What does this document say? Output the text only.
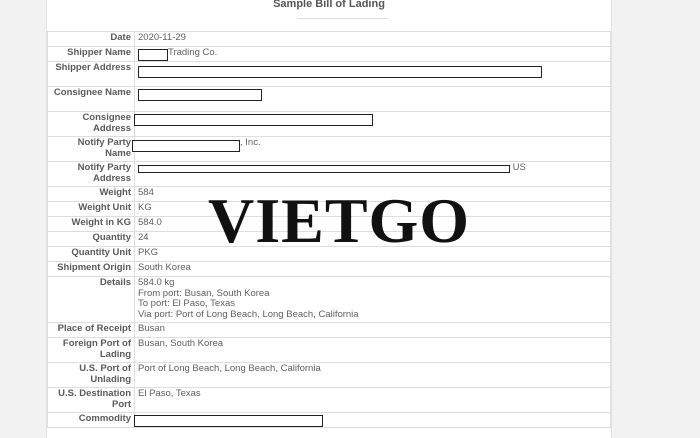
Sample Bill of Lading
Date	2020-11-29
Shipper Name	Trading Co.
Shipper Address	
Consignee Name	
Consignee Address	
Notify Party Name	, Inc.
Notify Party Address	US
Weight	584
Weight Unit	KG
Weight in KG	584.0
Quantity	24
Quantity Unit	PKG
Shipment Origin	South Korea
Details	584.0 kg
From port: Busan, South Korea
To port: El Paso, Texas
Via port: Port of Long Beach, Long Beach, California

Place of Receipt	Busan
Foreign Port of Lading	Busan, South Korea
U.S. Port of Unlading	Port of Long Beach, Long Beach, California
U.S. Destination Port	El Paso, Texas
Commodity	
VIETGO
